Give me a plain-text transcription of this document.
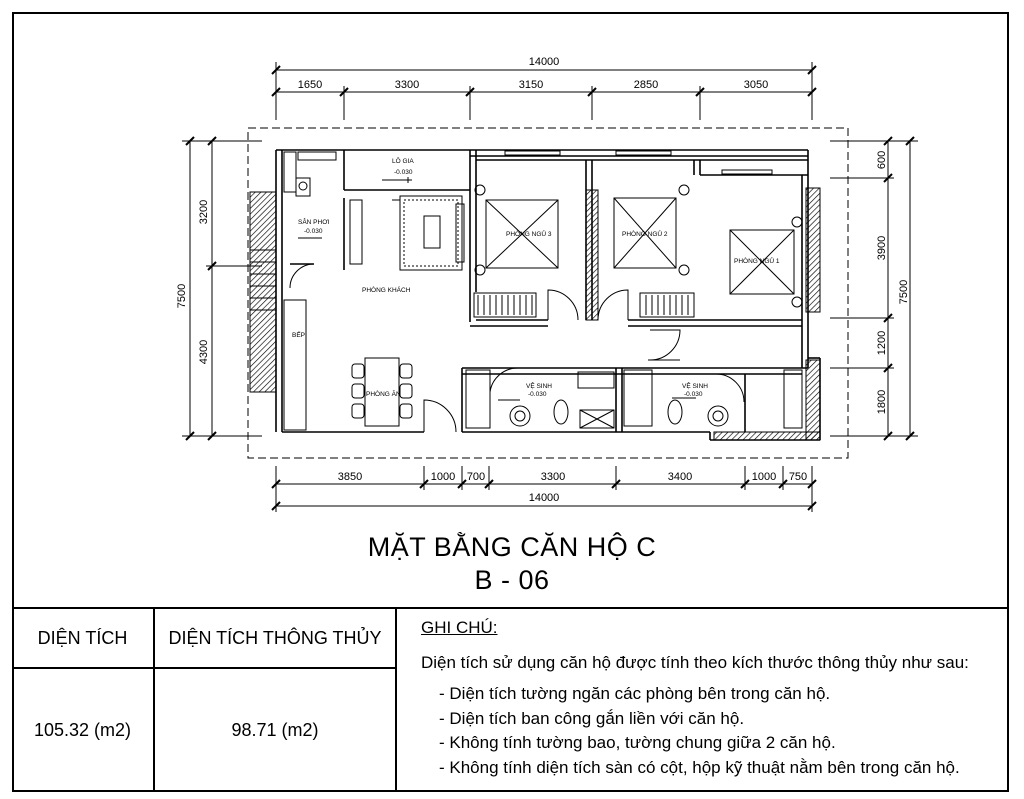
14000
1650	3300	3150	2850	3050
3850	1000 700	3300	3400	1000 750
14000
7500
3200
4300
600
3900
1200
1800
7500
LÔ GIA
-0.030
SÂN PHƠI
-0.030
PHÒNG KHÁCH
BẾP
PHÒNG ĂN
PHÒNG NGỦ 3	PHÒNG NGỦ 2
PHÒNG NGỦ 1
VỆ SINH
-0.030
VỆ SINH
-0.030
MẶT BẰNG CĂN HỘ C
B - 06
DIỆN TÍCH	DIỆN TÍCH THÔNG THỦY
105.32 (m2)	98.71 (m2)
GHI CHÚ:
Diện tích sử dụng căn hộ được tính theo kích thước thông thủy như sau:
- Diện tích tường ngăn các phòng bên trong căn hộ.
- Diện tích ban công gắn liền với căn hộ.
- Không tính tường bao, tường chung giữa 2 căn hộ.
- Không tính diện tích sàn có cột, hộp kỹ thuật nằm bên trong căn hộ.
